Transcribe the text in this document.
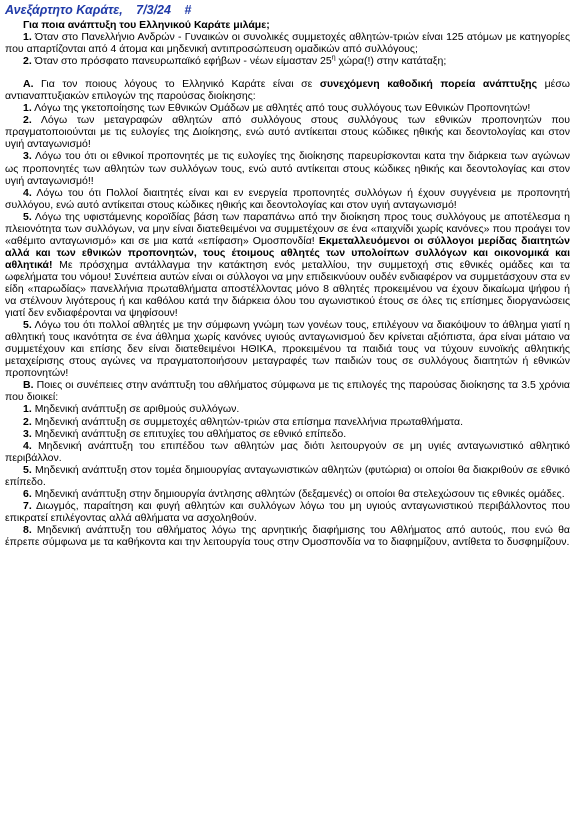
Ανεξάρτητο Καράτε, 7/3/24 #

Για ποια ανάπτυξη του Ελληνικού Καράτε μιλάμε;

1. Όταν στο Πανελλήνιο Ανδρών - Γυναικών οι συνολικές συμμετοχές αθλητών-τριών είναι 125 ατόμων με κατηγορίες που απαρτίζονται από 4 άτομα και μηδενική αντιπροσώπευση ομαδικών από συλλόγους;

2. Όταν στο πρόσφατο πανευρωπαϊκό εφήβων - νέων είμασταν $25^\eta$ χώρα(!) στην κατάταξη;

A. Για τον ποιους λόγους το Ελληνικό Καράτε είναι σε συνεχόμενη καθοδική πορεία ανάπτυξης μέσω αντιαναπτυξιακών επιλογών της παρούσας διοίκησης:

1. Λόγω της γκετοποίησης των Εθνικών Ομάδων με αθλητές από τους συλλόγους των Εθνικών Προπονητών!

2. Λόγω των μεταγραφών αθλητών από συλλόγους στους συλλόγους των εθνικών προπονητών που πραγματοποιούνται με τις ευλογίες της Διοίκησης, ενώ αυτό αντίκειται στους κώδικες ηθικής και δεοντολογίας και στον υγιή ανταγωνισμό!

3. Λόγω του ότι οι εθνικοί προπονητές με τις ευλογίες της διοίκησης παρευρίσκονται κατα την διάρκεια των αγώνων ως προπονητές των αθλητών των συλλόγων τους, ενώ αυτό αντίκειται στους κώδικες ηθικής και δεοντολογίας και στον υγιή ανταγωνισμό!!

4. Λόγω του ότι Πολλοί διαιτητές είναι και εν ενεργεία προπονητές συλλόγων ή έχουν συγγένεια με προπονητή συλλόγου, ενώ αυτό αντίκειται στους κώδικες ηθικής και δεοντολογίας και στον υγιή ανταγωνισμό!

5. Λόγω της υφιστάμενης κοροϊδίας βάση των παραπάνω από την διοίκηση προς τους συλλόγους με αποτέλεσμα η πλειονότητα των συλλόγων, να μην είναι διατεθειμένοι να συμμετέχουν σε ένα «παιχνίδι χωρίς κανόνες» που προάγει τον «αθέμιτο ανταγωνισμό» και σε μια κατά «επίφαση» Ομοσπονδία! Εκμεταλλευόμενοι οι σύλλογοι μερίδας διαιτητών αλλά και των εθνικών προπονητών, τους έτοιμους αθλητές των υπολοίπων συλλόγων και οικονομικά και αθλητικά! Με πρόσχημα αντάλλαγμα την κατάκτηση ενός μεταλλίου, την συμμετοχή στις εθνικές ομάδες και τα ωφελήματα του νόμου! Συνέπεια αυτών είναι οι σύλλογοι να μην επιδεικνύουν ουδέν ενδιαφέρον να συμμετάσχουν στα εν είδη «παρωδίας» πανελλήνια πρωταθλήματα αποστέλλοντας μόνο 8 αθλητές προκειμένου να έχουν δικαίωμα ψήφου ή να στέλνουν λιγότερους ή και καθόλου κατά την διάρκεια όλου του αγωνιστικού έτους σε όλες τις επίσημες διοργανώσεις γιατί δεν ενδιαφέρονται να ψηφίσουν!

5. Λόγω του ότι πολλοί αθλητές με την σύμφωνη γνώμη των γονέων τους, επιλέγουν να διακόψουν το άθλημα γιατί η αθλητική τους ικανότητα σε ένα άθλημα χωρίς κανόνες υγιούς ανταγωνισμού δεν κρίνεται αξιόπιστα, άρα είναι μάταιο να συμμετέχουν και επίσης δεν είναι διατεθειμένοι ΗΘΙΚΑ, προκειμένου τα παιδιά τους να τύχουν ευνοϊκής αθλητικής μεταχείρισης στους αγώνες να πραγματοποιήσουν μεταγραφές των παιδιών τους σε συλλόγους διαιτητών ή εθνικών προπονητών!

B. Ποιες οι συνέπειες στην ανάπτυξη του αθλήματος σύμφωνα με τις επιλογές της παρούσας διοίκησης τα 3.5 χρόνια που διοικεί:

1. Μηδενική ανάπτυξη σε αριθμούς συλλόγων.

2. Μηδενική ανάπτυξη σε συμμετοχές αθλητών-τριών στα επίσημα πανελλήνια πρωταθλήματα.

3. Μηδενική ανάπτυξη σε επιτυχίες του αθλήματος σε εθνικό επίπεδο.

4. Μηδενική ανάπτυξη του επιπέδου των αθλητών μας διότι λειτουργούν σε μη υγιές ανταγωνιστικό αθλητικό περιβάλλον.

5. Μηδενική ανάπτυξη στον τομέα δημιουργίας ανταγωνιστικών αθλητών (φυτώρια) οι οποίοι θα διακριθούν σε εθνικό επίπεδο.

6. Μηδενική ανάπτυξη στην δημιουργία άντλησης αθλητών (δεξαμενές) οι οποίοι θα στελεχώσουν τις εθνικές ομάδες.

7. Διωγμός, παραίτηση και φυγή αθλητών και συλλόγων λόγω του μη υγιούς ανταγωνιστικού περιβάλλοντος που επικρατεί επιλέγοντας αλλά αθλήματα να ασχοληθούν.

8. Μηδενική ανάπτυξη του αθλήματος λόγω της αρνητικής διαφήμισης του Αθλήματος από αυτούς, που ενώ θα έπρεπε σύμφωνα με τα καθήκοντα και την λειτουργία τους στην Ομοσπονδία να το διαφημίζουν, αντίθετα το δυσφημίζουν.
